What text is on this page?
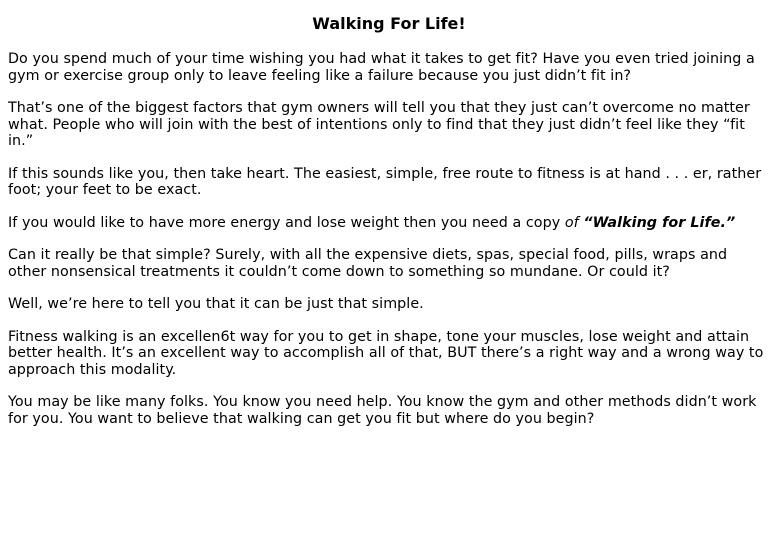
Walking For Life!

Do you spend much of your time wishing you had what it takes to get fit? Have you even tried joining a gym or exercise group only to leave feeling like a failure because you just didn’t fit in?

That’s one of the biggest factors that gym owners will tell you that they just can’t overcome no matter what. People who will join with the best of intentions only to find that they just didn’t feel like they “fit in.”

If this sounds like you, then take heart. The easiest, simple, free route to fitness is at hand . . . er, rather foot; your feet to be exact.

If you would like to have more energy and lose weight then you need a copy of “Walking for Life.”

Can it really be that simple? Surely, with all the expensive diets, spas, special food, pills, wraps and other nonsensical treatments it couldn’t come down to something so mundane. Or could it?

Well, we’re here to tell you that it can be just that simple.

Fitness walking is an excellen6t way for you to get in shape, tone your muscles, lose weight and attain better health. It’s an excellent way to accomplish all of that, BUT there’s a right way and a wrong way to approach this modality.

You may be like many folks. You know you need help. You know the gym and other methods didn’t work for you. You want to believe that walking can get you fit but where do you begin?
